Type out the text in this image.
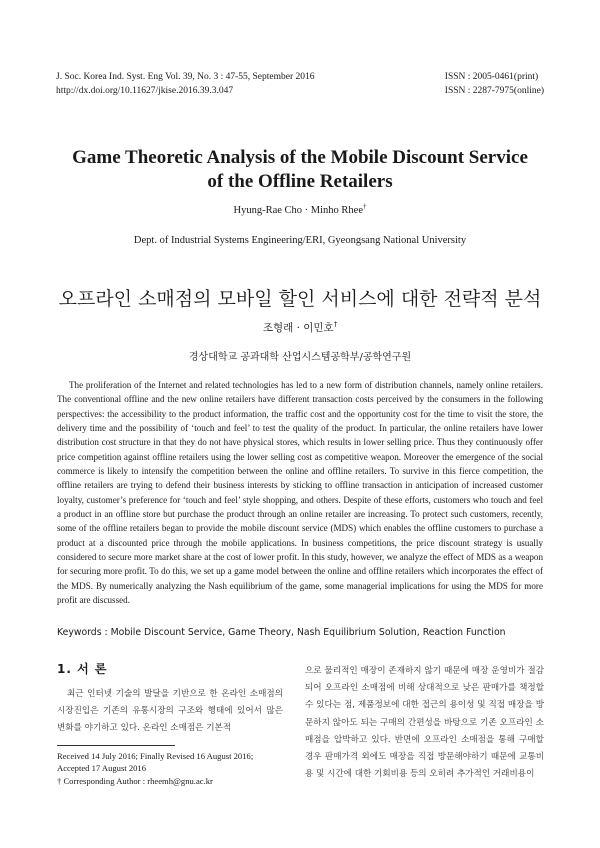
J. Soc. Korea Ind. Syst. Eng Vol. 39, No. 3 : 47-55, September 2016
http://dx.doi.org/10.11627/jkise.2016.39.3.047
ISSN : 2005-0461(print)
ISSN : 2287-7975(online)
Game Theoretic Analysis of the Mobile Discount Service
of the Offline Retailers
Hyung-Rae Cho · Minho Rhee†
Dept. of Industrial Systems Engineering/ERI, Gyeongsang National University
오프라인 소매점의 모바일 할인 서비스에 대한 전략적 분석
조형래 · 이민호†
경상대학교 공과대학 산업시스템공학부/공학연구원
The proliferation of the Internet and related technologies has led to a new form of distribution channels, namely online retailers. The conventional offline and the new online retailers have different transaction costs perceived by the consumers in the following perspectives: the accessibility to the product information, the traffic cost and the opportunity cost for the time to visit the store, the delivery time and the possibility of ‘touch and feel’ to test the quality of the product. In particular, the online retailers have lower distribution cost structure in that they do not have physical stores, which results in lower selling price. Thus they continuously offer price competition against offline retailers using the lower selling cost as competitive weapon. Moreover the emergence of the social commerce is likely to intensify the competition between the online and offline retailers. To survive in this fierce competition, the offline retailers are trying to defend their business interests by sticking to offline transaction in anticipation of increased customer loyalty, customer’s preference for ‘touch and feel’ style shopping, and others. Despite of these efforts, customers who touch and feel a product in an offline store but purchase the product through an online retailer are increasing. To protect such customers, recently, some of the offline retailers began to provide the mobile discount service (MDS) which enables the offline customers to purchase a product at a discounted price through the mobile applications. In business competitions, the price discount strategy is usually considered to secure more market share at the cost of lower profit. In this study, however, we analyze the effect of MDS as a weapon for securing more profit. To do this, we set up a game model between the online and offline retailers which incorporates the effect of the MDS. By numerically analyzing the Nash equilibrium of the game, some managerial implications for using the MDS for more profit are discussed.
Keywords : Mobile Discount Service, Game Theory, Nash Equilibrium Solution, Reaction Function
1. 서 론
최근 인터넷 기술의 발달을 기반으로 한 온라인 소매점의 시장진입은 기존의 유통시장의 구조와 행태에 있어서 많은 변화를 야기하고 있다. 온라인 소매점은 기본적
Received 14 July 2016; Finally Revised 16 August 2016;
Accepted 17 August 2016
† Corresponding Author : rheemh@gnu.ac.kr
으로 물리적인 매장이 존재하지 않기 때문에 매장 운영비가 절감되어 오프라인 소매점에 비해 상대적으로 낮은 판매가를 책정할 수 있다는 점, 제품정보에 대한 접근의 용이성 및 직접 매장을 방문하지 않아도 되는 구매의 간편성을 바탕으로 기존 오프라인 소매점을 압박하고 있다. 반면에 오프라인 소매점을 통해 구매할 경우 판매가격 외에도 매장을 직접 방문해야하기 때문에 교통비용 및 시간에 대한 기회비용 등의 오히려 추가적인 거래비용이
